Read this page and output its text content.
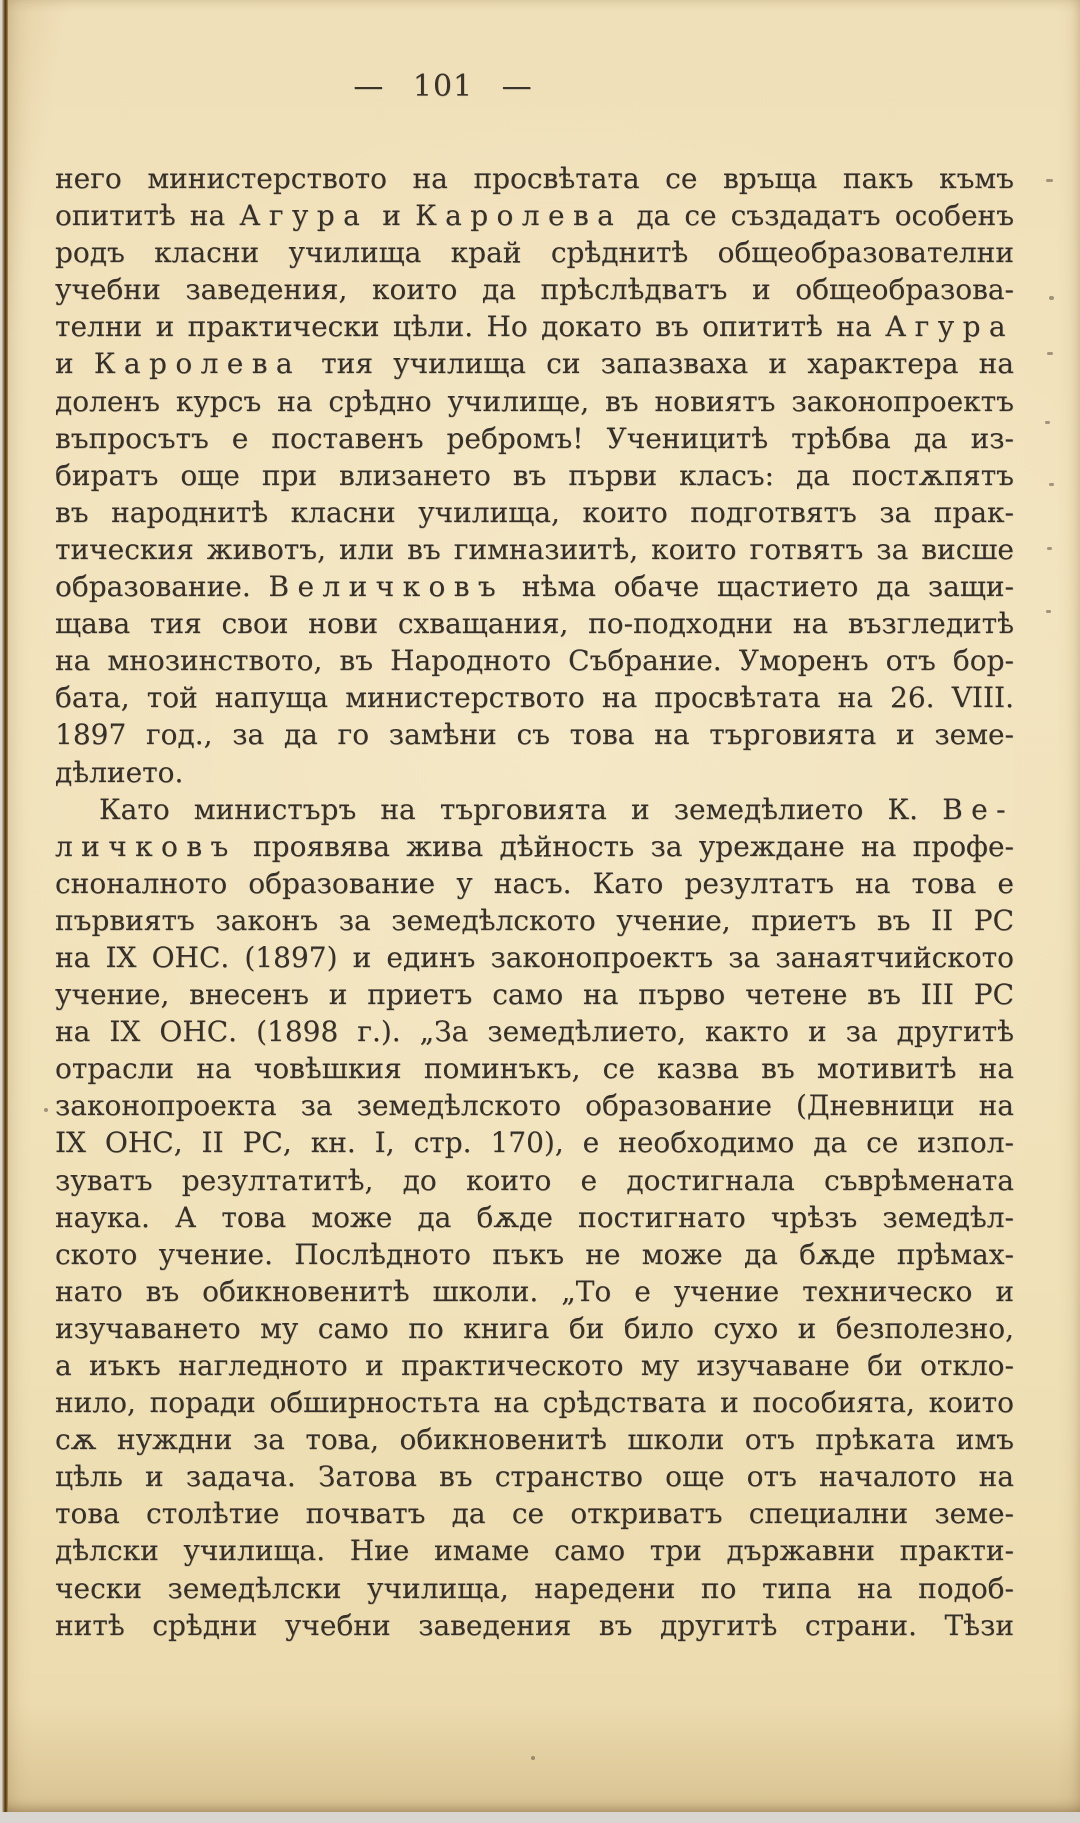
— 101 —
него министерството на просвѣтата се връща пакъ къмъ
опититѣ на Агура и Каролева да се създадатъ особенъ
родъ класни училища край срѣднитѣ общеобразователни
учебни заведения, които да прѣслѣдватъ и общеобразова-
телни и практически цѣли. Но докато въ опититѣ на Агура
и Каролева тия училища си запазваха и характера на
доленъ курсъ на срѣдно училище, въ новиятъ законопроектъ
въпросътъ е поставенъ ребромъ! Ученицитѣ трѣбва да из-
биратъ още при влизането въ първи класъ: да постѫпятъ
въ народнитѣ класни училища, които подготвятъ за прак-
тическия животъ, или въ гимназиитѣ, които готвятъ за висше
образование. Величковъ нѣма обаче щастието да защи-
щава тия свои нови схващания, по-подходни на възгледитѣ
на мнозинството, въ Народното Събрание. Уморенъ отъ бор-
бата, той напуща министерството на просвѣтата на 26. VIII.
1897 год., за да го замѣни съ това на търговията и земе-
дѣлието.
Като министъръ на търговията и земедѣлието К. Ве-
личковъ проявява жива дѣйность за уреждане на профе-
сноналното образование у насъ. Като резултатъ на това е
първиятъ законъ за земедѣлското учение, приетъ въ II РС
на IX ОНС. (1897) и единъ законопроектъ за занаятчийското
учение, внесенъ и приетъ само на първо четене въ III РС
на IX ОНС. (1898 г.). „За земедѣлието, както и за другитѣ
отрасли на човѣшкия поминъкъ, се казва въ мотивитѣ на
законопроекта за земедѣлското образование (Дневници на
IX ОНС, II РС, кн. I, стр. 170), е необходимо да се изпол-
зуватъ резултатитѣ, до които е достигнала съврѣмената
наука. А това може да бѫде постигнато чрѣзъ земедѣл-
ското учение. Послѣдното пъкъ не може да бѫде прѣмах-
нато въ обикновенитѣ школи. „То е учение техническо и
изучаването му само по книга би било сухо и безполезно,
а иъкъ нагледното и практическото му изучаване би откло-
нило, поради обширностьта на срѣдствата и пособията, които
сѫ нуждни за това, обикновенитѣ школи отъ прѣката имъ
цѣль и задача. Затова въ странство още отъ началото на
това столѣтие почватъ да се откриватъ специални земе-
дѣлски училища. Ние имаме само три държавни практи-
чески земедѣлски училища, наредени по типа на подоб-
нитѣ срѣдни учебни заведения въ другитѣ страни. Тѣзи
